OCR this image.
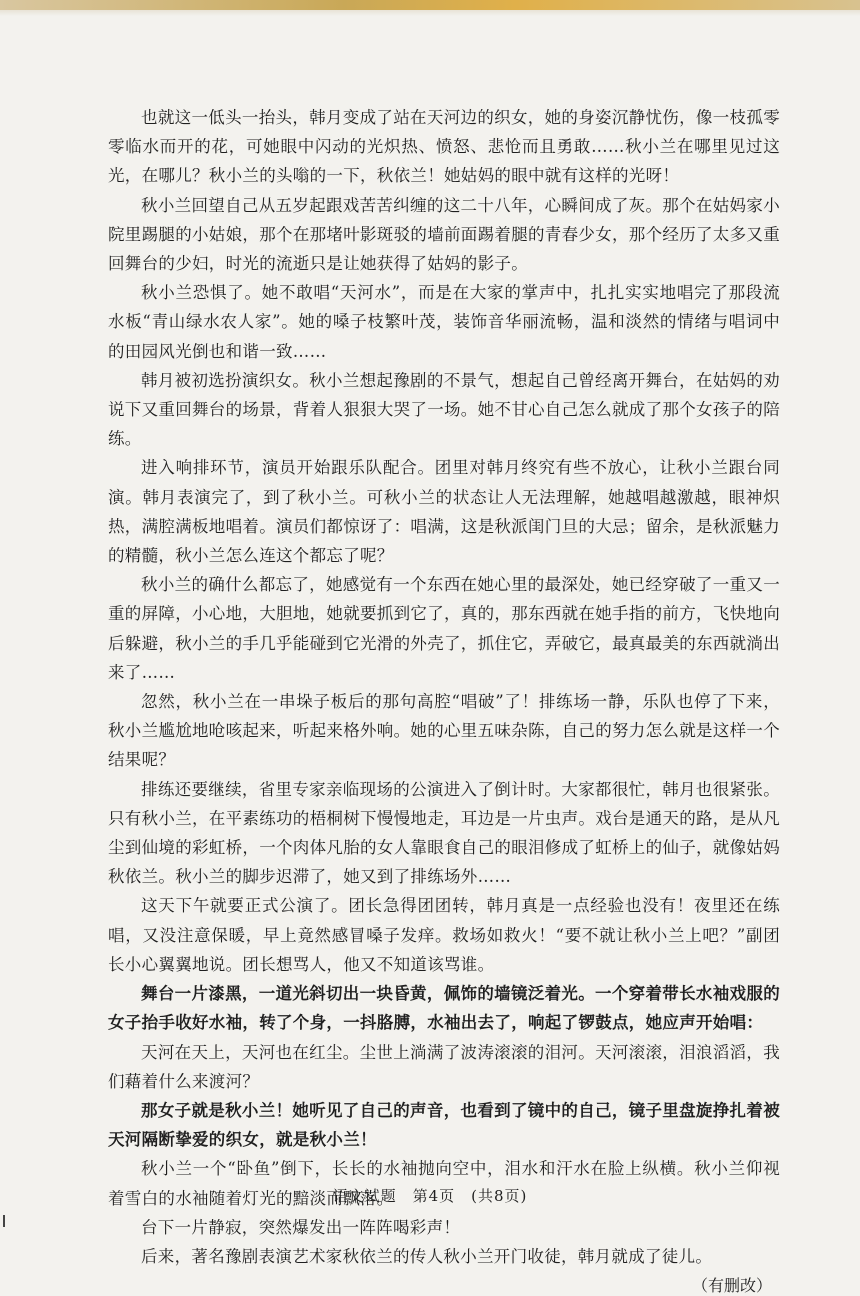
也就这一低头一抬头，韩月变成了站在天河边的织女，她的身姿沉静忧伤，像一枝孤零零临水而开的花，可她眼中闪动的光炽热、愤怒、悲怆而且勇敢……秋小兰在哪里见过这光，在哪儿？秋小兰的头嗡的一下，秋依兰！她姑妈的眼中就有这样的光呀！

秋小兰回望自己从五岁起跟戏苦苦纠缠的这二十八年，心瞬间成了灰。那个在姑妈家小院里踢腿的小姑娘，那个在那堵叶影斑驳的墙前面踢着腿的青春少女，那个经历了太多又重回舞台的少妇，时光的流逝只是让她获得了姑妈的影子。

秋小兰恐惧了。她不敢唱“天河水”，而是在大家的掌声中，扎扎实实地唱完了那段流水板“青山绿水农人家”。她的嗓子枝繁叶茂，装饰音华丽流畅，温和淡然的情绪与唱词中的田园风光倒也和谐一致……

韩月被初选扮演织女。秋小兰想起豫剧的不景气，想起自己曾经离开舞台，在姑妈的劝说下又重回舞台的场景，背着人狠狠大哭了一场。她不甘心自己怎么就成了那个女孩子的陪练。

进入响排环节，演员开始跟乐队配合。团里对韩月终究有些不放心，让秋小兰跟台同演。韩月表演完了，到了秋小兰。可秋小兰的状态让人无法理解，她越唱越激越，眼神炽热，满腔满板地唱着。演员们都惊讶了：唱满，这是秋派闺门旦的大忌；留余，是秋派魅力的精髓，秋小兰怎么连这个都忘了呢？

秋小兰的确什么都忘了，她感觉有一个东西在她心里的最深处，她已经穿破了一重又一重的屏障，小心地，大胆地，她就要抓到它了，真的，那东西就在她手指的前方，飞快地向后躲避，秋小兰的手几乎能碰到它光滑的外壳了，抓住它，弄破它，最真最美的东西就淌出来了……

忽然，秋小兰在一串垛子板后的那句高腔“唱破”了！排练场一静，乐队也停了下来，秋小兰尴尬地呛咳起来，听起来格外响。她的心里五味杂陈，自己的努力怎么就是这样一个结果呢？

排练还要继续，省里专家亲临现场的公演进入了倒计时。大家都很忙，韩月也很紧张。只有秋小兰，在平素练功的梧桐树下慢慢地走，耳边是一片虫声。戏台是通天的路，是从凡尘到仙境的彩虹桥，一个肉体凡胎的女人靠眼食自己的眼泪修成了虹桥上的仙子，就像姑妈秋依兰。秋小兰的脚步迟滞了，她又到了排练场外……

这天下午就要正式公演了。团长急得团团转，韩月真是一点经验也没有！夜里还在练唱，又没注意保暖，早上竟然感冒嗓子发痒。救场如救火！“要不就让秋小兰上吧？”副团长小心翼翼地说。团长想骂人，他又不知道该骂谁。

舞台一片漆黑，一道光斜切出一块昏黄，佩饰的墙镜泛着光。一个穿着带长水袖戏服的女子抬手收好水袖，转了个身，一抖胳膊，水袖出去了，响起了锣鼓点，她应声开始唱：

天河在天上，天河也在红尘。尘世上淌满了波涛滚滚的泪河。天河滚滚，泪浪滔滔，我们藉着什么来渡河？

那女子就是秋小兰！她听见了自己的声音，也看到了镜中的自己，镜子里盘旋挣扎着被天河隔断挚爱的织女，就是秋小兰！

秋小兰一个“卧鱼”倒下，长长的水袖抛向空中，泪水和汗水在脸上纵横。秋小兰仰视着雪白的水袖随着灯光的黯淡而飘落。

台下一片静寂，突然爆发出一阵阵喝彩声！

后来，著名豫剧表演艺术家秋依兰的传人秋小兰开门收徒，韩月就成了徒儿。

（有删改）
语文试题　第4页　(共8页)
